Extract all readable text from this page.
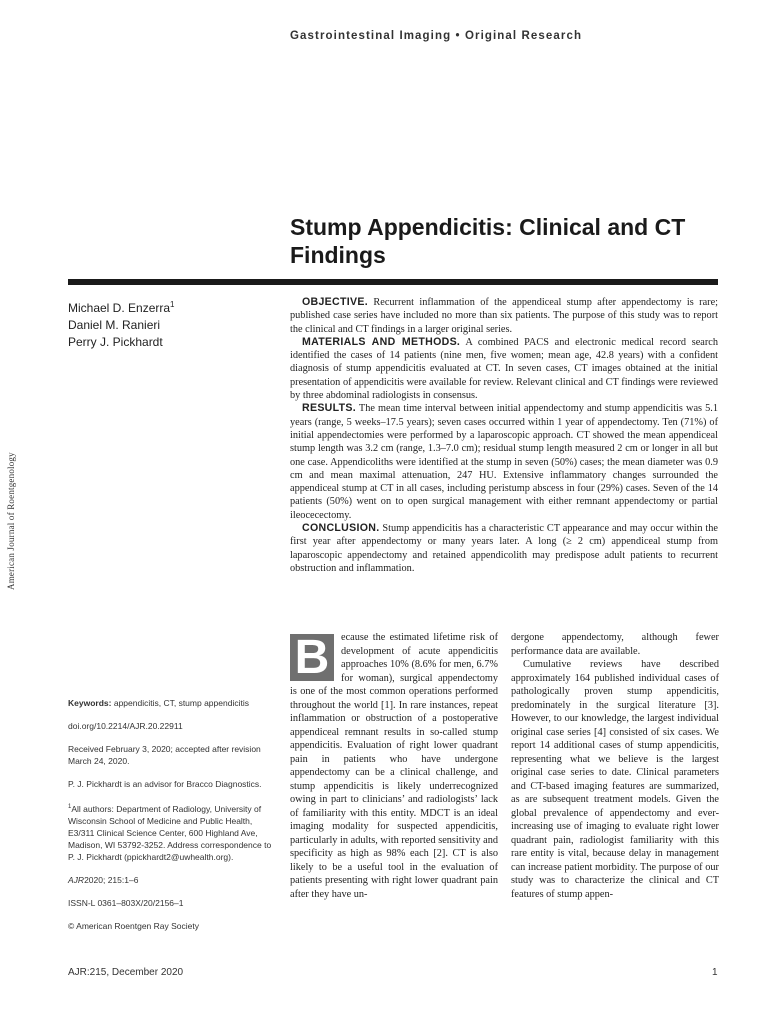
Gastrointestinal Imaging • Original Research
Stump Appendicitis: Clinical and CT Findings
Michael D. Enzerra$^1$
Daniel M. Ranieri
Perry J. Pickhardt
American Journal of Roentgenology

OBJECTIVE. Recurrent inflammation of the appendiceal stump after appendectomy is rare; published case series have included no more than six patients. The purpose of this study was to report the clinical and CT findings in a larger original series.

MATERIALS AND METHODS. A combined PACS and electronic medical record search identified the cases of 14 patients (nine men, five women; mean age, 42.8 years) with a confident diagnosis of stump appendicitis evaluated at CT. In seven cases, CT images obtained at the initial presentation of appendicitis were available for review. Relevant clinical and CT findings were reviewed by three abdominal radiologists in consensus.

RESULTS. The mean time interval between initial appendectomy and stump appendicitis was 5.1 years (range, 5 weeks–17.5 years); seven cases occurred within 1 year of appendectomy. Ten (71%) of initial appendectomies were performed by a laparoscopic approach. CT showed the mean appendiceal stump length was 3.2 cm (range, 1.3–7.0 cm); residual stump length measured 2 cm or longer in all but one case. Appendicoliths were identified at the stump in seven (50%) cases; the mean diameter was 0.9 cm and mean maximal attenuation, 247 HU. Extensive inflammatory changes surrounded the appendiceal stump at CT in all cases, including peristump abscess in four (29%) cases. Seven of the 14 patients (50%) went on to open surgical management with either remnant appendectomy or partial ileocecectomy.

CONCLUSION. Stump appendicitis has a characteristic CT appearance and may occur within the first year after appendectomy or many years later. A long (≥ 2 cm) appendiceal stump from laparoscopic appendectomy and retained appendicolith may predispose adult patients to recurrent obstruction and inflammation.

Keywords: appendicitis, CT, stump appendicitis

doi.org/10.2214/AJR.20.22911

Received February 3, 2020; accepted after revision March 24, 2020.

P. J. Pickhardt is an advisor for Bracco Diagnostics.

$^1$All authors: Department of Radiology, University of Wisconsin School of Medicine and Public Health, E3/311 Clinical Science Center, 600 Highland Ave, Madison, WI 53792-3252. Address correspondence to P. J. Pickhardt (ppickhardt2@uwhealth.org).

AJR2020; 215:1–6

ISSN-L 0361–803X/20/2156–1

© American Roentgen Ray Society

B	ecause the estimated lifetime risk of development of acute appendicitis approaches 10% (8.6% for men, 6.7% for woman), surgical appendectomy is one of the most common operations performed throughout the world [1]. In rare instances, repeat inflammation or obstruction of a postoperative appendiceal remnant results in so-called stump appendicitis. Evaluation of right lower quadrant pain in patients who have undergone appendectomy can be a clinical challenge, and stump appendicitis is likely underrecognized owing in part to clinicians’ and radiologists’ lack of familiarity with this entity. MDCT is an ideal imaging modality for suspected appendicitis, particularly in adults, with reported sensitivity and specificity as high as 98% each [2]. CT is also likely to be a useful tool in the evaluation of patients presenting with right lower quadrant pain after they have un-

dergone appendectomy, although fewer performance data are available.

Cumulative reviews have described approximately 164 published individual cases of pathologically proven stump appendicitis, predominately in the surgical literature [3]. However, to our knowledge, the largest individual original case series [4] consisted of six cases. We report 14 additional cases of stump appendicitis, representing what we believe is the largest original case series to date. Clinical parameters and CT-based imaging features are summarized, as are subsequent treatment models. Given the global prevalence of appendectomy and ever-increasing use of imaging to evaluate right lower quadrant pain, radiologist familiarity with this rare entity is vital, because delay in management can increase patient morbidity. The purpose of our study was to characterize the clinical and CT features of stump appen-

AJR:215, December 2020	1
